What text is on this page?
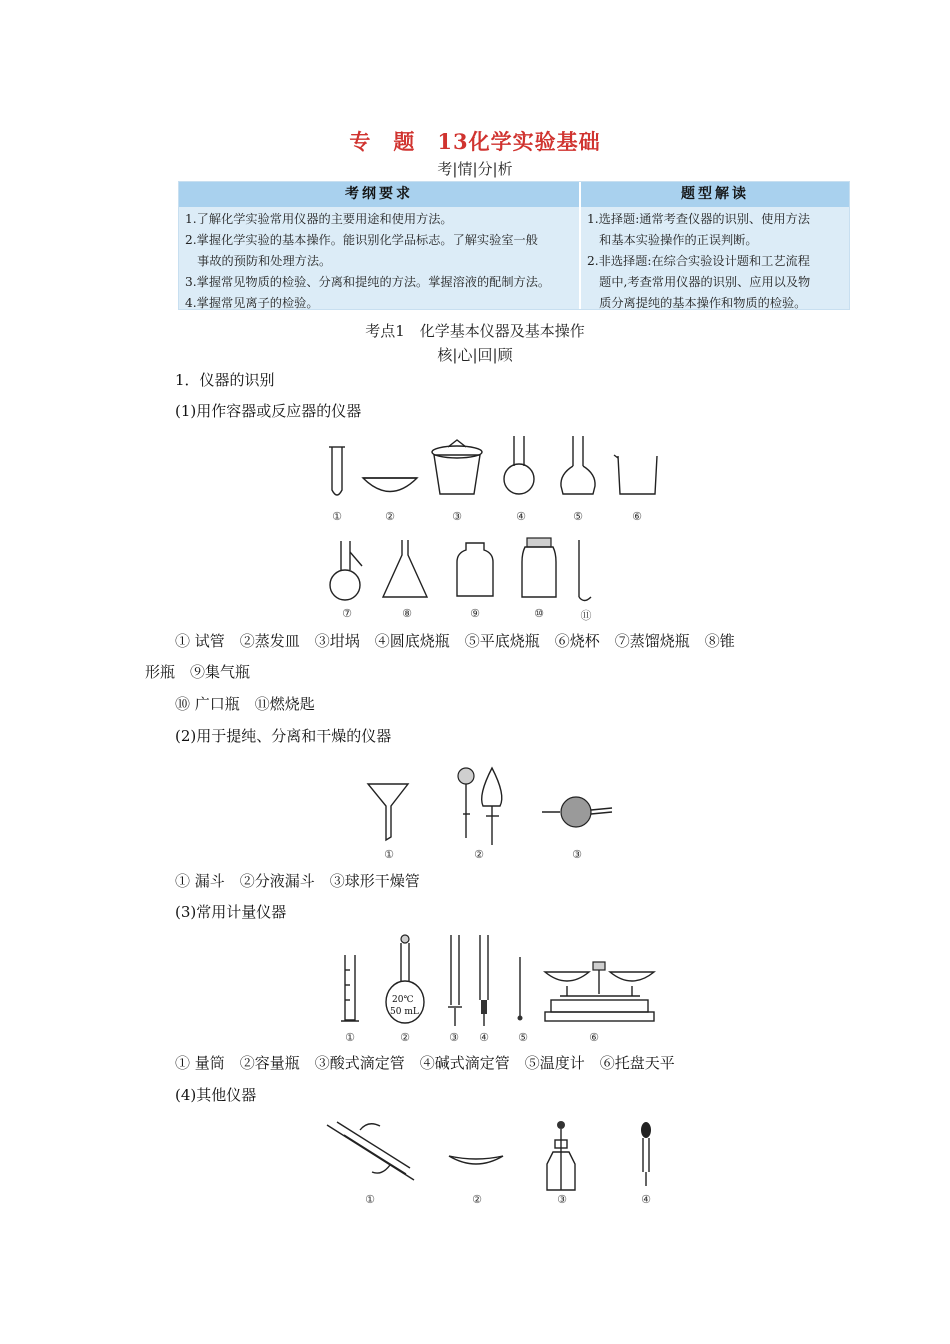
专　题　13化学实验基础
考|情|分|析
考纲要求	题型解读
1.了解化学实验常用仪器的主要用途和使用方法。
2.掌握化学实验的基本操作。能识别化学品标志。了解实验室一般
　事故的预防和处理方法。
3.掌握常见物质的检验、分离和提纯的方法。掌握溶液的配制方法。
4.掌握常见离子的检验。
1.选择题:通常考查仪器的识别、使用方法
　和基本实验操作的正误判断。
2.非选择题:在综合实验设计题和工艺流程
　题中,考查常用仪器的识别、应用以及物
　质分离提纯的基本操作和物质的检验。
考点1　化学基本仪器及基本操作
核|心|回|顾
1．仪器的识别
(1)用作容器或反应器的仪器
①	②	③	④	⑤	⑥
⑦	⑧	⑨	⑩	⑪
① 试管　②蒸发皿　③坩埚　④圆底烧瓶　⑤平底烧瓶　⑥烧杯　⑦蒸馏烧瓶　⑧锥
形瓶　⑨集气瓶
⑩ 广口瓶　⑪燃烧匙
(2)用于提纯、分离和干燥的仪器
①	②	③
① 漏斗　②分液漏斗　③球形干燥管
(3)常用计量仪器
20℃
50 mL
①	②	③	④	⑤	⑥
① 量筒　②容量瓶　③酸式滴定管　④碱式滴定管　⑤温度计　⑥托盘天平
(4)其他仪器
①	②	③	④
